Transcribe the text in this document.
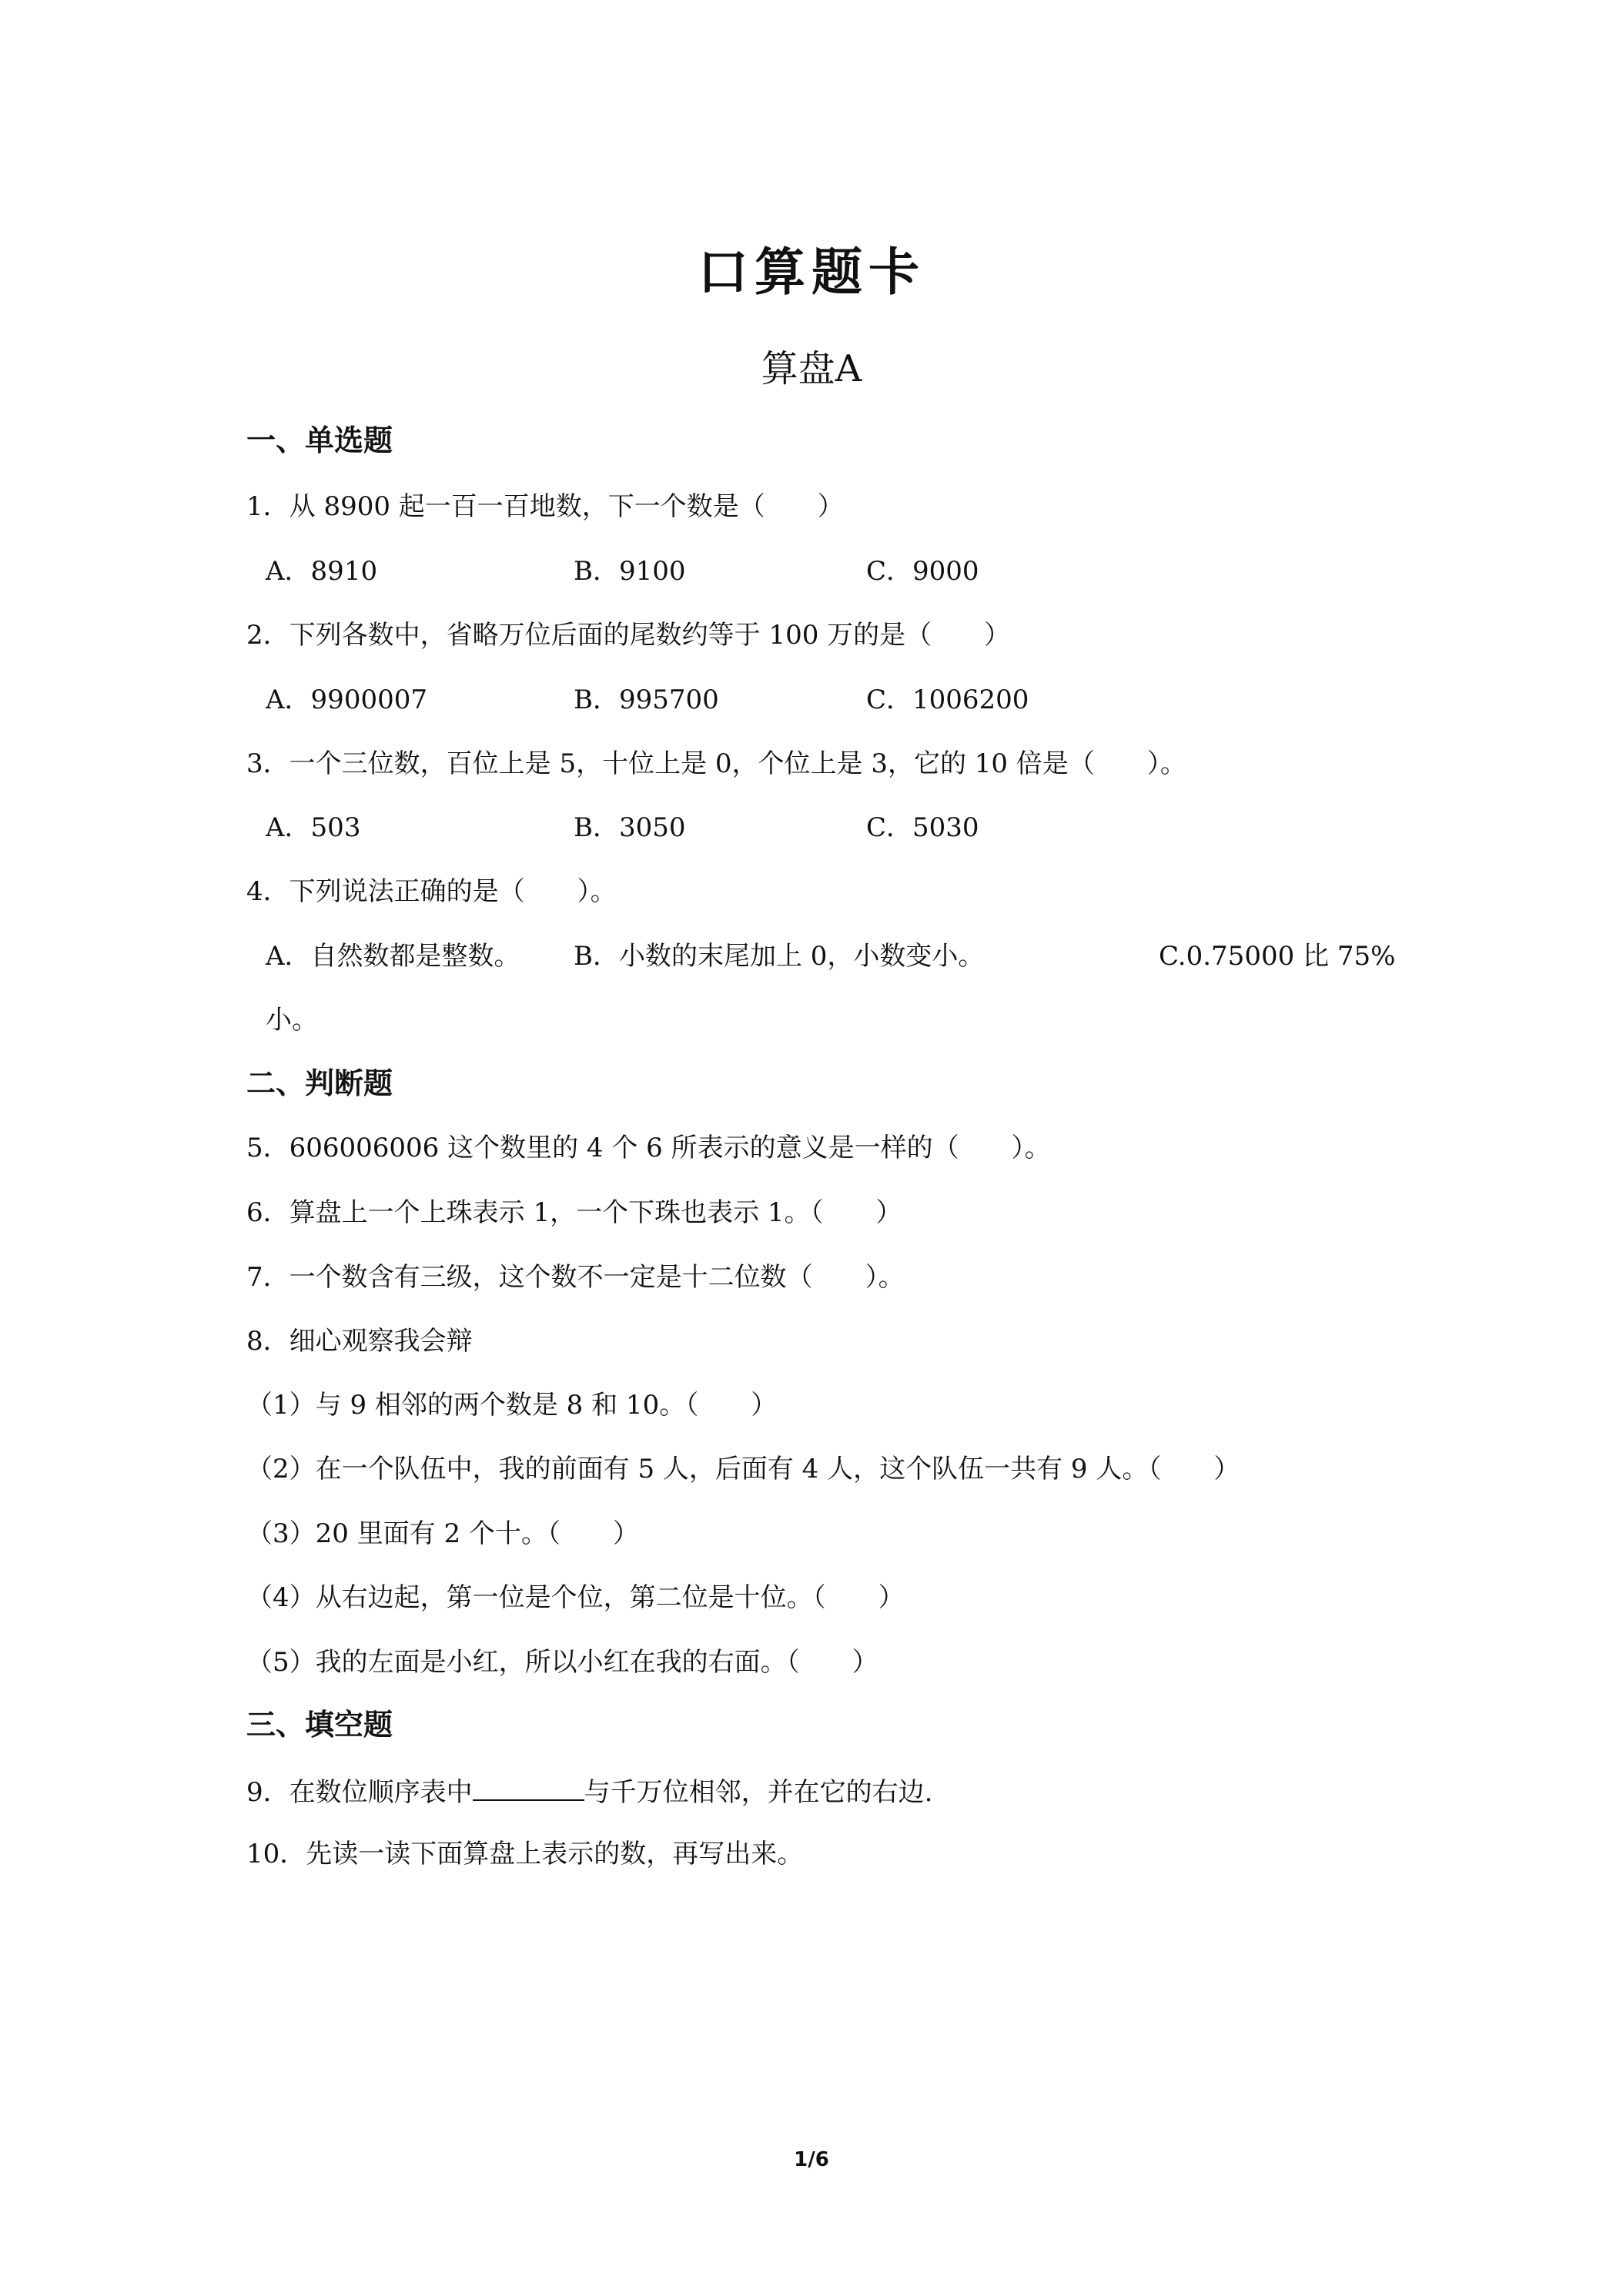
口算题卡
算盘A
一、单选题
1．从 8900 起一百一百地数，下一个数是（　　）
A．8910	B．9100	C．9000
2．下列各数中，省略万位后面的尾数约等于 100 万的是（　　）
A．9900007	B．995700	C．1006200
3．一个三位数，百位上是 5，十位上是 0，个位上是 3，它的 10 倍是（　　）。
A．503	B．3050	C．5030
4．下列说法正确的是（　　）。
A．自然数都是整数。 B．小数的末尾加上 0，小数变小。	C.0.75000 比 75%
小。
二、判断题
5．606006006 这个数里的 4 个 6 所表示的意义是一样的（　　）。
6．算盘上一个上珠表示 1，一个下珠也表示 1。（　　）
7．一个数含有三级，这个数不一定是十二位数（　　）。
8．细心观察我会辩
（1）与 9 相邻的两个数是 8 和 10。（　　）
（2）在一个队伍中，我的前面有 5 人，后面有 4 人，这个队伍一共有 9 人。（　　）
（3）20 里面有 2 个十。（　　）
（4）从右边起，第一位是个位，第二位是十位。（　　）
（5）我的左面是小红，所以小红在我的右面。（　　）
三、填空题
9．在数位顺序表中	与千万位相邻，并在它的右边.
10．先读一读下面算盘上表示的数，再写出来。
1/6
